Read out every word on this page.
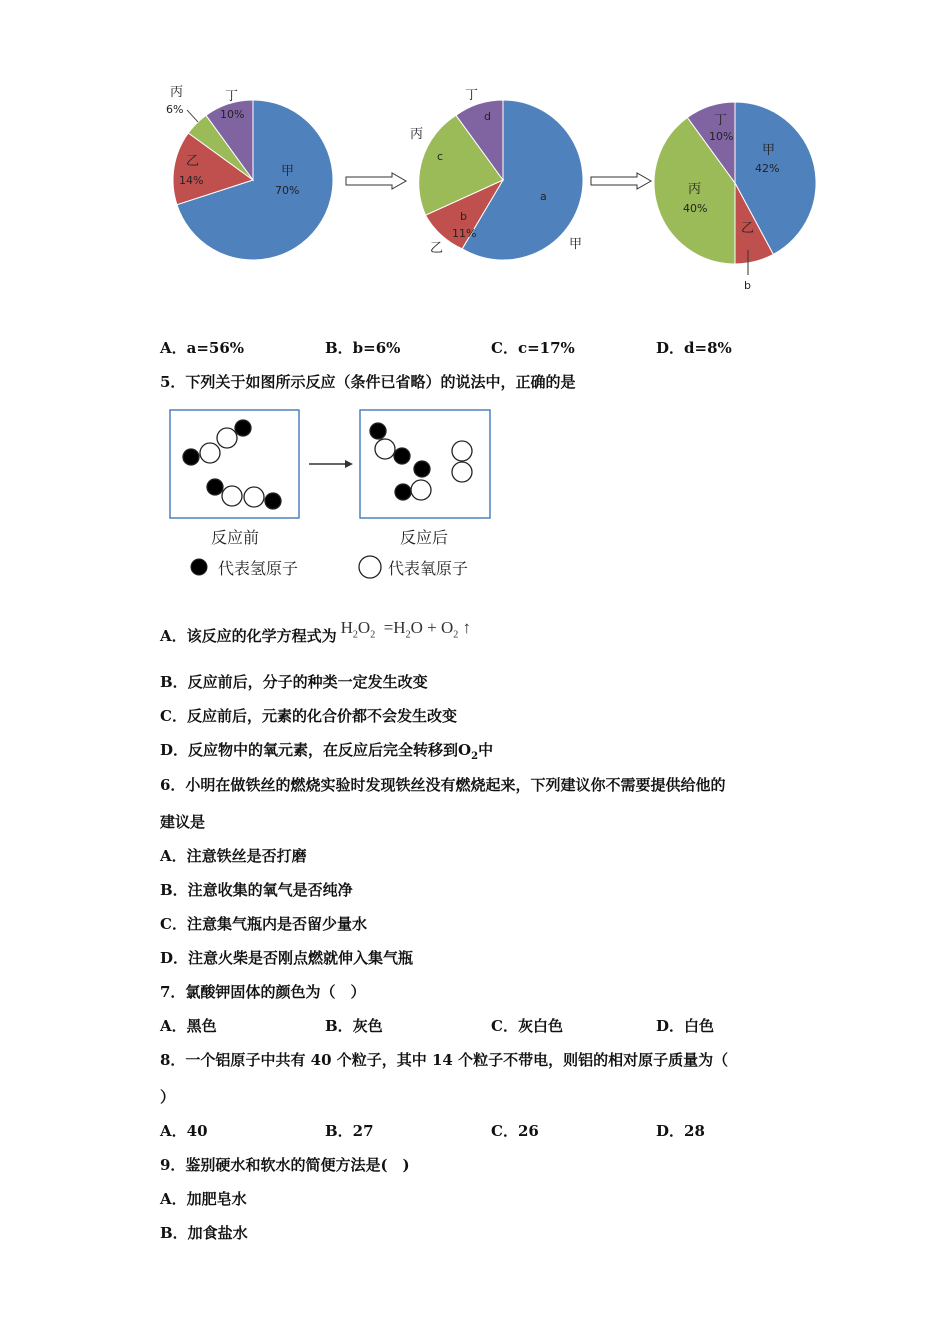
甲
70%
乙
14%
丙
6%
丁
10%
a
甲
b
11%
乙
c
丙
d
丁
甲
42%
乙
b
丙
40%
丁
10%
A．a=56%	B．b=6%	C．c=17%	D．d=8%
5．下列关于如图所示反应（条件已省略）的说法中，正确的是
反应前	反应后
代表氢原子	代表氧原子
A．该反应的化学方程式为 $H_2O_2 =H_2O + O_2$ ↑
B．反应前后，分子的种类一定发生改变
C．反应前后，元素的化合价都不会发生改变
D．反应物中的氧元素，在反应后完全转移到$O_2$中
6．小明在做铁丝的燃烧实验时发现铁丝没有燃烧起来，下列建议你不需要提供给他的
建议是
A．注意铁丝是否打磨
B．注意收集的氧气是否纯净
C．注意集气瓶内是否留少量水
D．注意火柴是否刚点燃就伸入集气瓶
7．氯酸钾固体的颜色为（　）
A．黑色	B．灰色	C．灰白色	D．白色
8．一个铝原子中共有 40 个粒子，其中 14 个粒子不带电，则铝的相对原子质量为（
）
A．40	B．27	C．26	D．28
9．鉴别硬水和软水的简便方法是(　)
A．加肥皂水
B．加食盐水
